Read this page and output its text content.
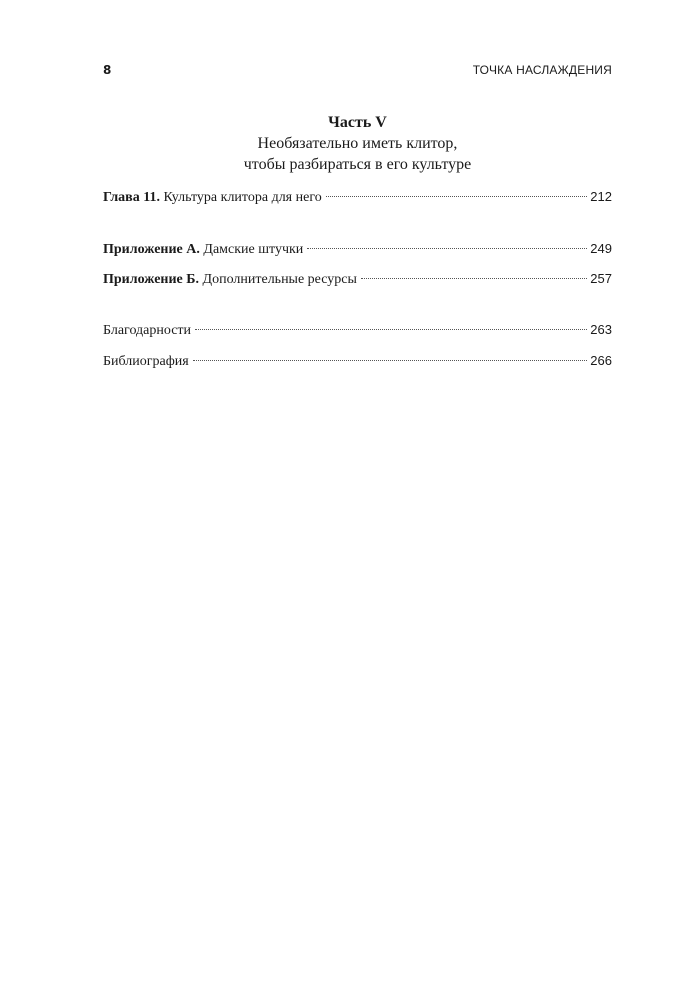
8	ТОЧКА НАСЛАЖДЕНИЯ
Часть V
Необязательно иметь клитор,
чтобы разбираться в его культуре
Глава 11. Культура клитора для него	212
Приложение А. Дамские штучки	249
Приложение Б. Дополнительные ресурсы	257
Благодарности	263
Библиография	266
